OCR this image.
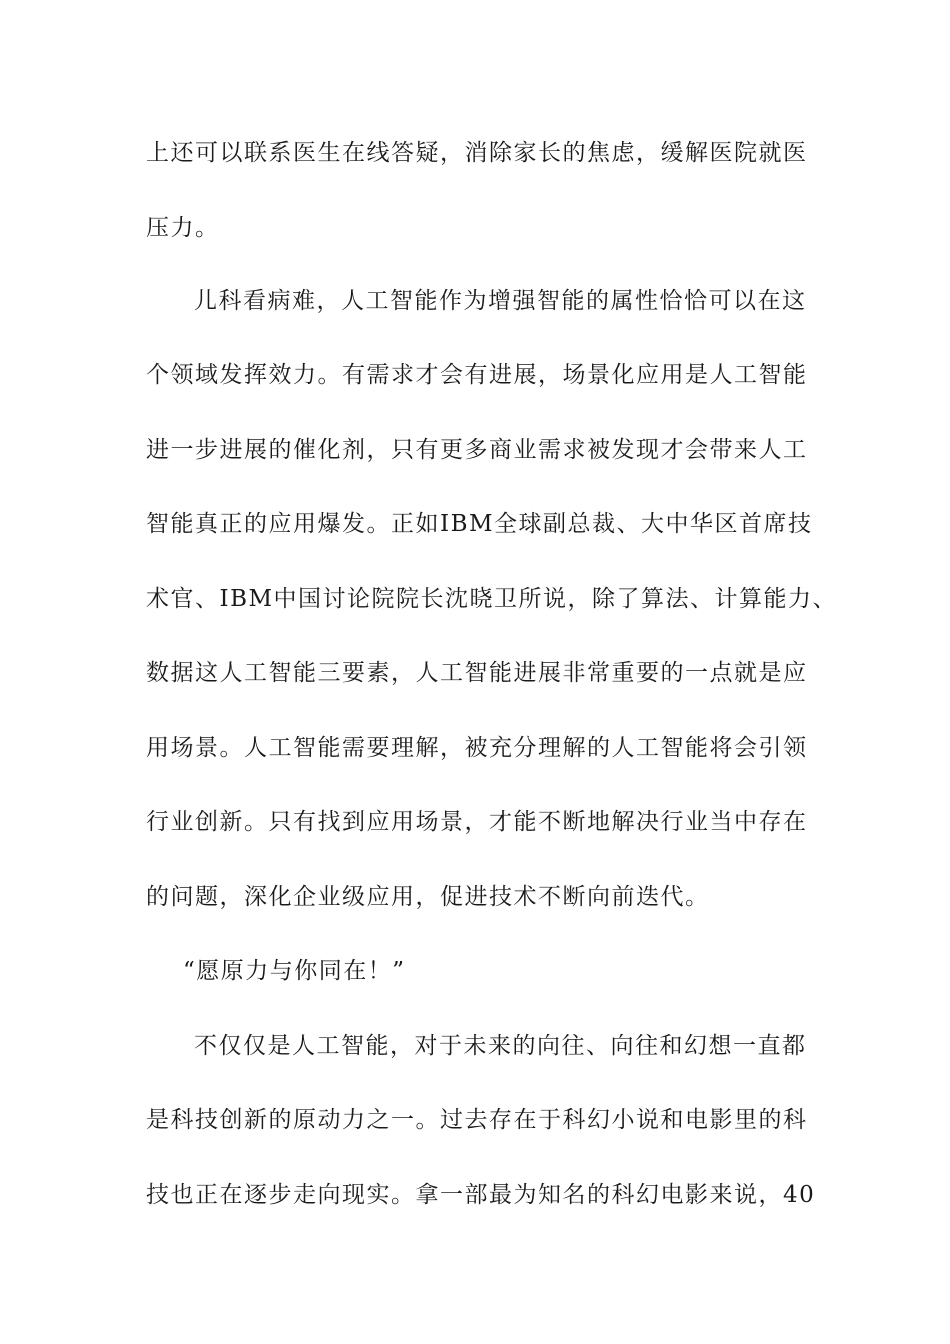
上还可以联系医生在线答疑，消除家长的焦虑，缓解医院就医
压力。
儿科看病难，人工智能作为增强智能的属性恰恰可以在这
个领域发挥效力。有需求才会有进展，场景化应用是人工智能
进一步进展的催化剂，只有更多商业需求被发现才会带来人工
智能真正的应用爆发。正如IBM全球副总裁、大中华区首席技
术官、IBM中国讨论院院长沈晓卫所说，除了算法、计算能力、
数据这人工智能三要素，人工智能进展非常重要的一点就是应
用场景。人工智能需要理解，被充分理解的人工智能将会引领
行业创新。只有找到应用场景，才能不断地解决行业当中存在
的问题，深化企业级应用，促进技术不断向前迭代。
“愿原力与你同在！”
不仅仅是人工智能，对于未来的向往、向往和幻想一直都
是科技创新的原动力之一。过去存在于科幻小说和电影里的科
技也正在逐步走向现实。拿一部最为知名的科幻电影来说，40
